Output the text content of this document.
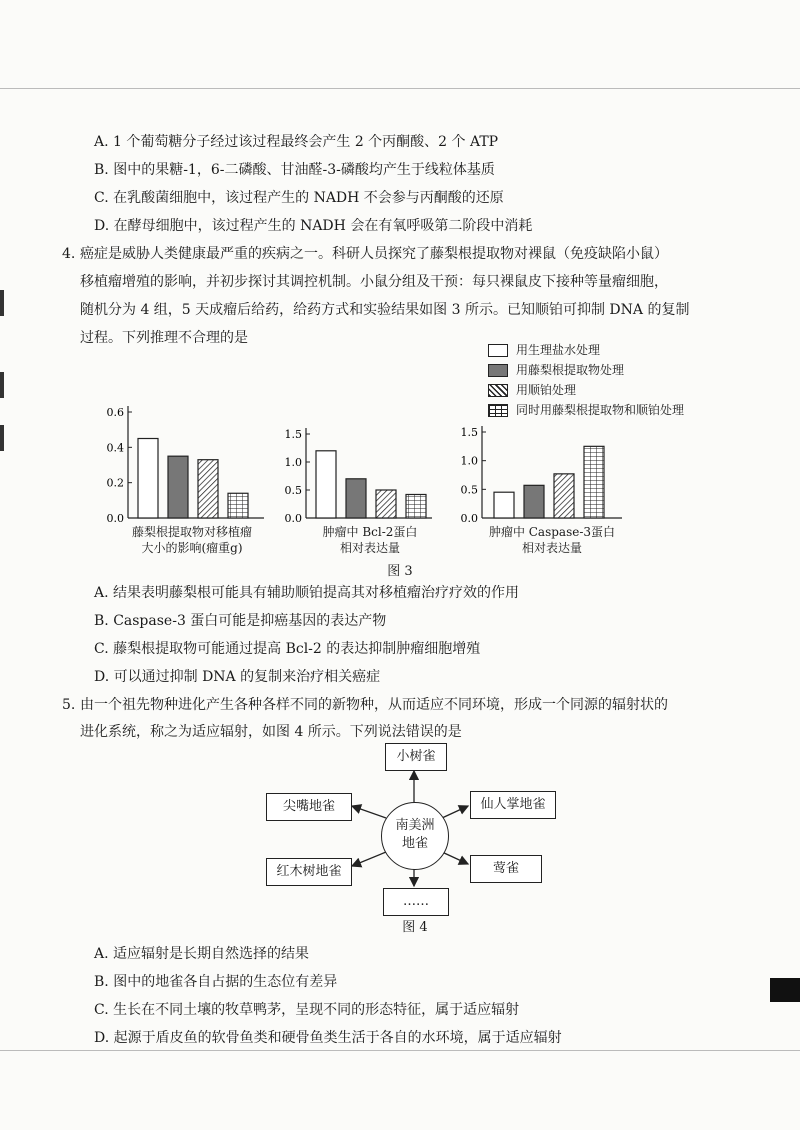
A. 1 个葡萄糖分子经过该过程最终会产生 2 个丙酮酸、2 个 ATP
B. 图中的果糖-1，6-二磷酸、甘油醛-3-磷酸均产生于线粒体基质
C. 在乳酸菌细胞中，该过程产生的 NADH 不会参与丙酮酸的还原
D. 在酵母细胞中，该过程产生的 NADH 会在有氧呼吸第二阶段中消耗
4. 癌症是威胁人类健康最严重的疾病之一。科研人员探究了藤梨根提取物对裸鼠（免疫缺陷小鼠）
移植瘤增殖的影响，并初步探讨其调控机制。小鼠分组及干预：每只裸鼠皮下接种等量瘤细胞，
随机分为 4 组，5 天成瘤后给药，给药方式和实验结果如图 3 所示。已知顺铂可抑制 DNA 的复制
过程。下列推理不合理的是
用生理盐水处理
用藤梨根提取物处理
用顺铂处理
同时用藤梨根提取物和顺铂处理
0.0
0.2
0.4
0.6
藤梨根提取物对移植瘤
大小的影响(瘤重g)
0.0
0.5
1.0
1.5
肿瘤中 Bcl-2蛋白
相对表达量
0.0
0.5
1.0
1.5
肿瘤中 Caspase-3蛋白
相对表达量
图 3
A. 结果表明藤梨根可能具有辅助顺铂提高其对移植瘤治疗疗效的作用
B. Caspase-3 蛋白可能是抑癌基因的表达产物
C. 藤梨根提取物可能通过提高 Bcl-2 的表达抑制肿瘤细胞增殖
D. 可以通过抑制 DNA 的复制来治疗相关癌症
5. 由一个祖先物种进化产生各种各样不同的新物种，从而适应不同环境，形成一个同源的辐射状的
进化系统，称之为适应辐射，如图 4 所示。下列说法错误的是
南美洲
地雀
小树雀
尖嘴地雀	仙人掌地雀
红木树地雀	莺雀
……
图 4
A. 适应辐射是长期自然选择的结果
B. 图中的地雀各自占据的生态位有差异
C. 生长在不同土壤的牧草鸭茅，呈现不同的形态特征，属于适应辐射
D. 起源于盾皮鱼的软骨鱼类和硬骨鱼类生活于各自的水环境，属于适应辐射
